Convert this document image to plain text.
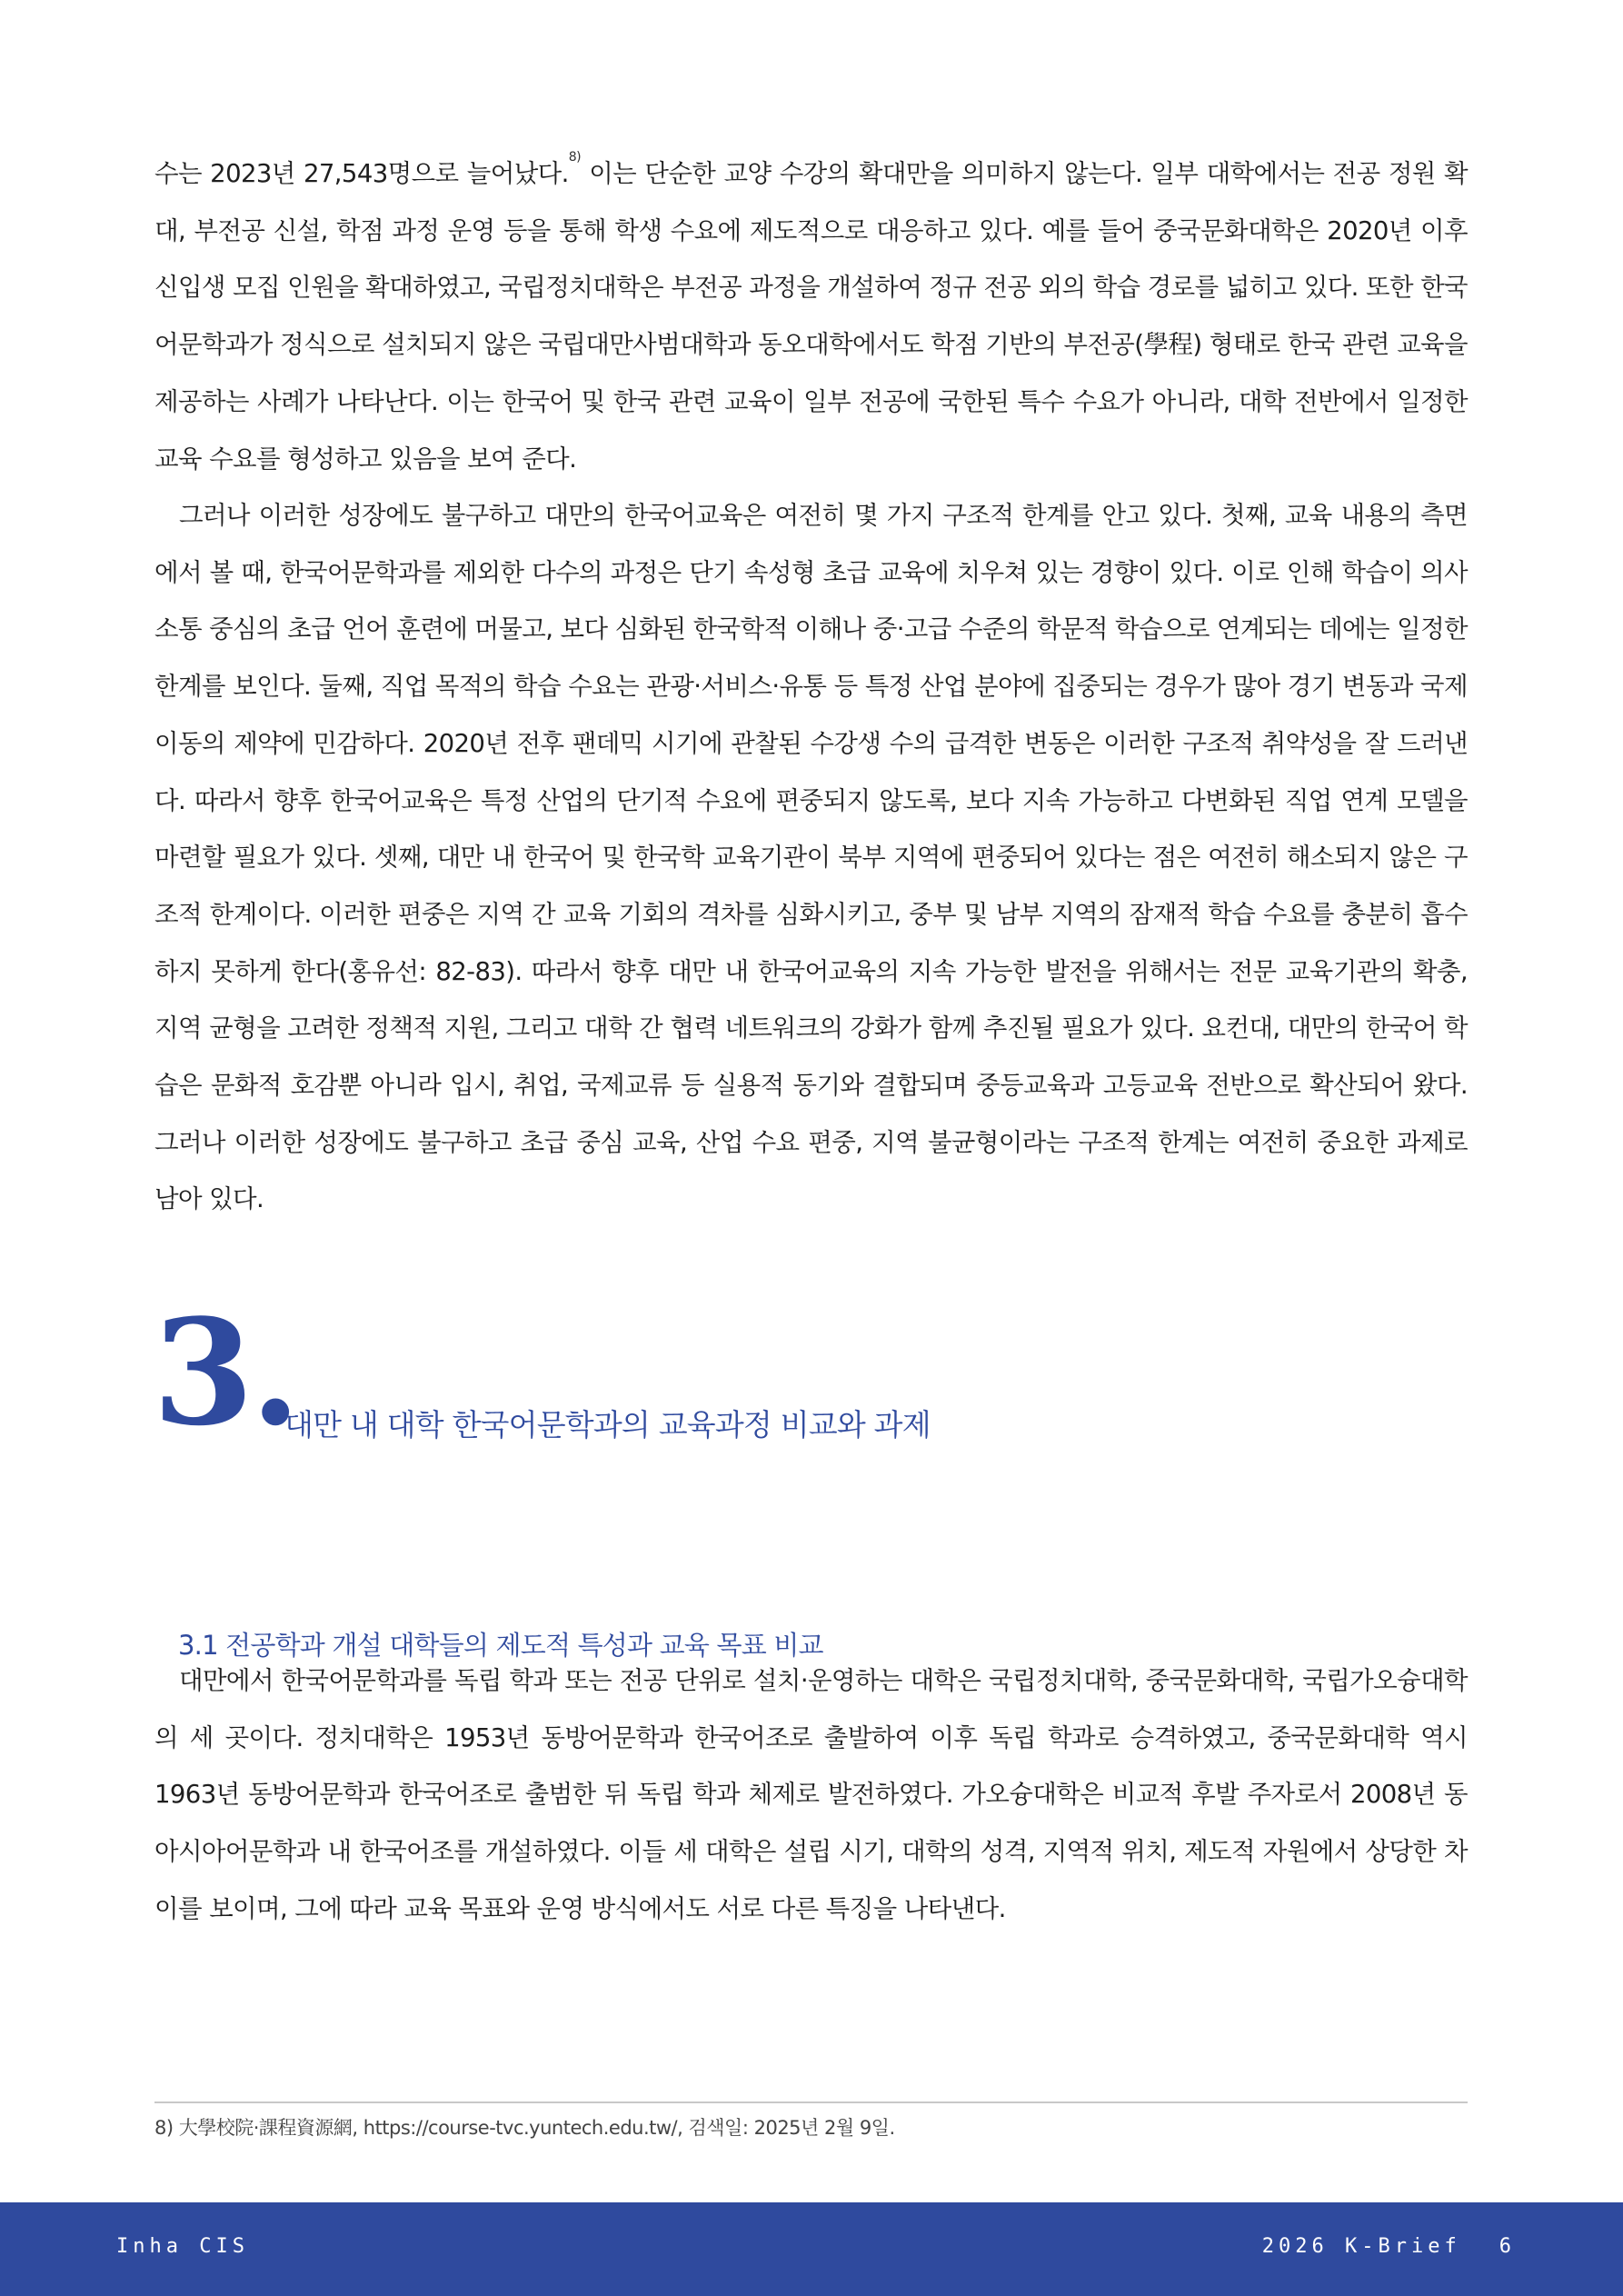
수는 2023년 27,543명으로 늘어났다.$^{8)}$ 이는 단순한 교양 수강의 확대만을 의미하지 않는다. 일부 대학에서는 전공 정원 확대, 부전공 신설, 학점 과정 운영 등을 통해 학생 수요에 제도적으로 대응하고 있다. 예를 들어 중국문화대학은 2020년 이후 신입생 모집 인원을 확대하였고, 국립정치대학은 부전공 과정을 개설하여 정규 전공 외의 학습 경로를 넓히고 있다. 또한 한국어문학과가 정식으로 설치되지 않은 국립대만사범대학과 동오대학에서도 학점 기반의 부전공(學程) 형태로 한국 관련 교육을 제공하는 사례가 나타난다. 이는 한국어 및 한국 관련 교육이 일부 전공에 국한된 특수 수요가 아니라, 대학 전반에서 일정한 교육 수요를 형성하고 있음을 보여 준다.

그러나 이러한 성장에도 불구하고 대만의 한국어교육은 여전히 몇 가지 구조적 한계를 안고 있다. 첫째, 교육 내용의 측면에서 볼 때, 한국어문학과를 제외한 다수의 과정은 단기 속성형 초급 교육에 치우쳐 있는 경향이 있다. 이로 인해 학습이 의사소통 중심의 초급 언어 훈련에 머물고, 보다 심화된 한국학적 이해나 중·고급 수준의 학문적 학습으로 연계되는 데에는 일정한 한계를 보인다. 둘째, 직업 목적의 학습 수요는 관광·서비스·유통 등 특정 산업 분야에 집중되는 경우가 많아 경기 변동과 국제 이동의 제약에 민감하다. 2020년 전후 팬데믹 시기에 관찰된 수강생 수의 급격한 변동은 이러한 구조적 취약성을 잘 드러낸다. 따라서 향후 한국어교육은 특정 산업의 단기적 수요에 편중되지 않도록, 보다 지속 가능하고 다변화된 직업 연계 모델을 마련할 필요가 있다. 셋째, 대만 내 한국어 및 한국학 교육기관이 북부 지역에 편중되어 있다는 점은 여전히 해소되지 않은 구조적 한계이다. 이러한 편중은 지역 간 교육 기회의 격차를 심화시키고, 중부 및 남부 지역의 잠재적 학습 수요를 충분히 흡수하지 못하게 한다(홍유선: 82-83). 따라서 향후 대만 내 한국어교육의 지속 가능한 발전을 위해서는 전문 교육기관의 확충, 지역 균형을 고려한 정책적 지원, 그리고 대학 간 협력 네트워크의 강화가 함께 추진될 필요가 있다. 요컨대, 대만의 한국어 학습은 문화적 호감뿐 아니라 입시, 취업, 국제교류 등 실용적 동기와 결합되며 중등교육과 고등교육 전반으로 확산되어 왔다. 그러나 이러한 성장에도 불구하고 초급 중심 교육, 산업 수요 편중, 지역 불균형이라는 구조적 한계는 여전히 중요한 과제로 남아 있다.

3.
대만 내 대학 한국어문학과의 교육과정 비교와 과제
3.1 전공학과 개설 대학들의 제도적 특성과 교육 목표 비교

대만에서 한국어문학과를 독립 학과 또는 전공 단위로 설치·운영하는 대학은 국립정치대학, 중국문화대학, 국립가오슝대학의 세 곳이다. 정치대학은 1953년 동방어문학과 한국어조로 출발하여 이후 독립 학과로 승격하였고, 중국문화대학 역시 1963년 동방어문학과 한국어조로 출범한 뒤 독립 학과 체제로 발전하였다. 가오슝대학은 비교적 후발 주자로서 2008년 동아시아어문학과 내 한국어조를 개설하였다. 이들 세 대학은 설립 시기, 대학의 성격, 지역적 위치, 제도적 자원에서 상당한 차이를 보이며, 그에 따라 교육 목표와 운영 방식에서도 서로 다른 특징을 나타낸다.

8) 大學校院·課程資源網, https://course-tvc.yuntech.edu.tw/, 검색일: 2025년 2월 9일.
Inha CIS	2026 K-Brief 6
